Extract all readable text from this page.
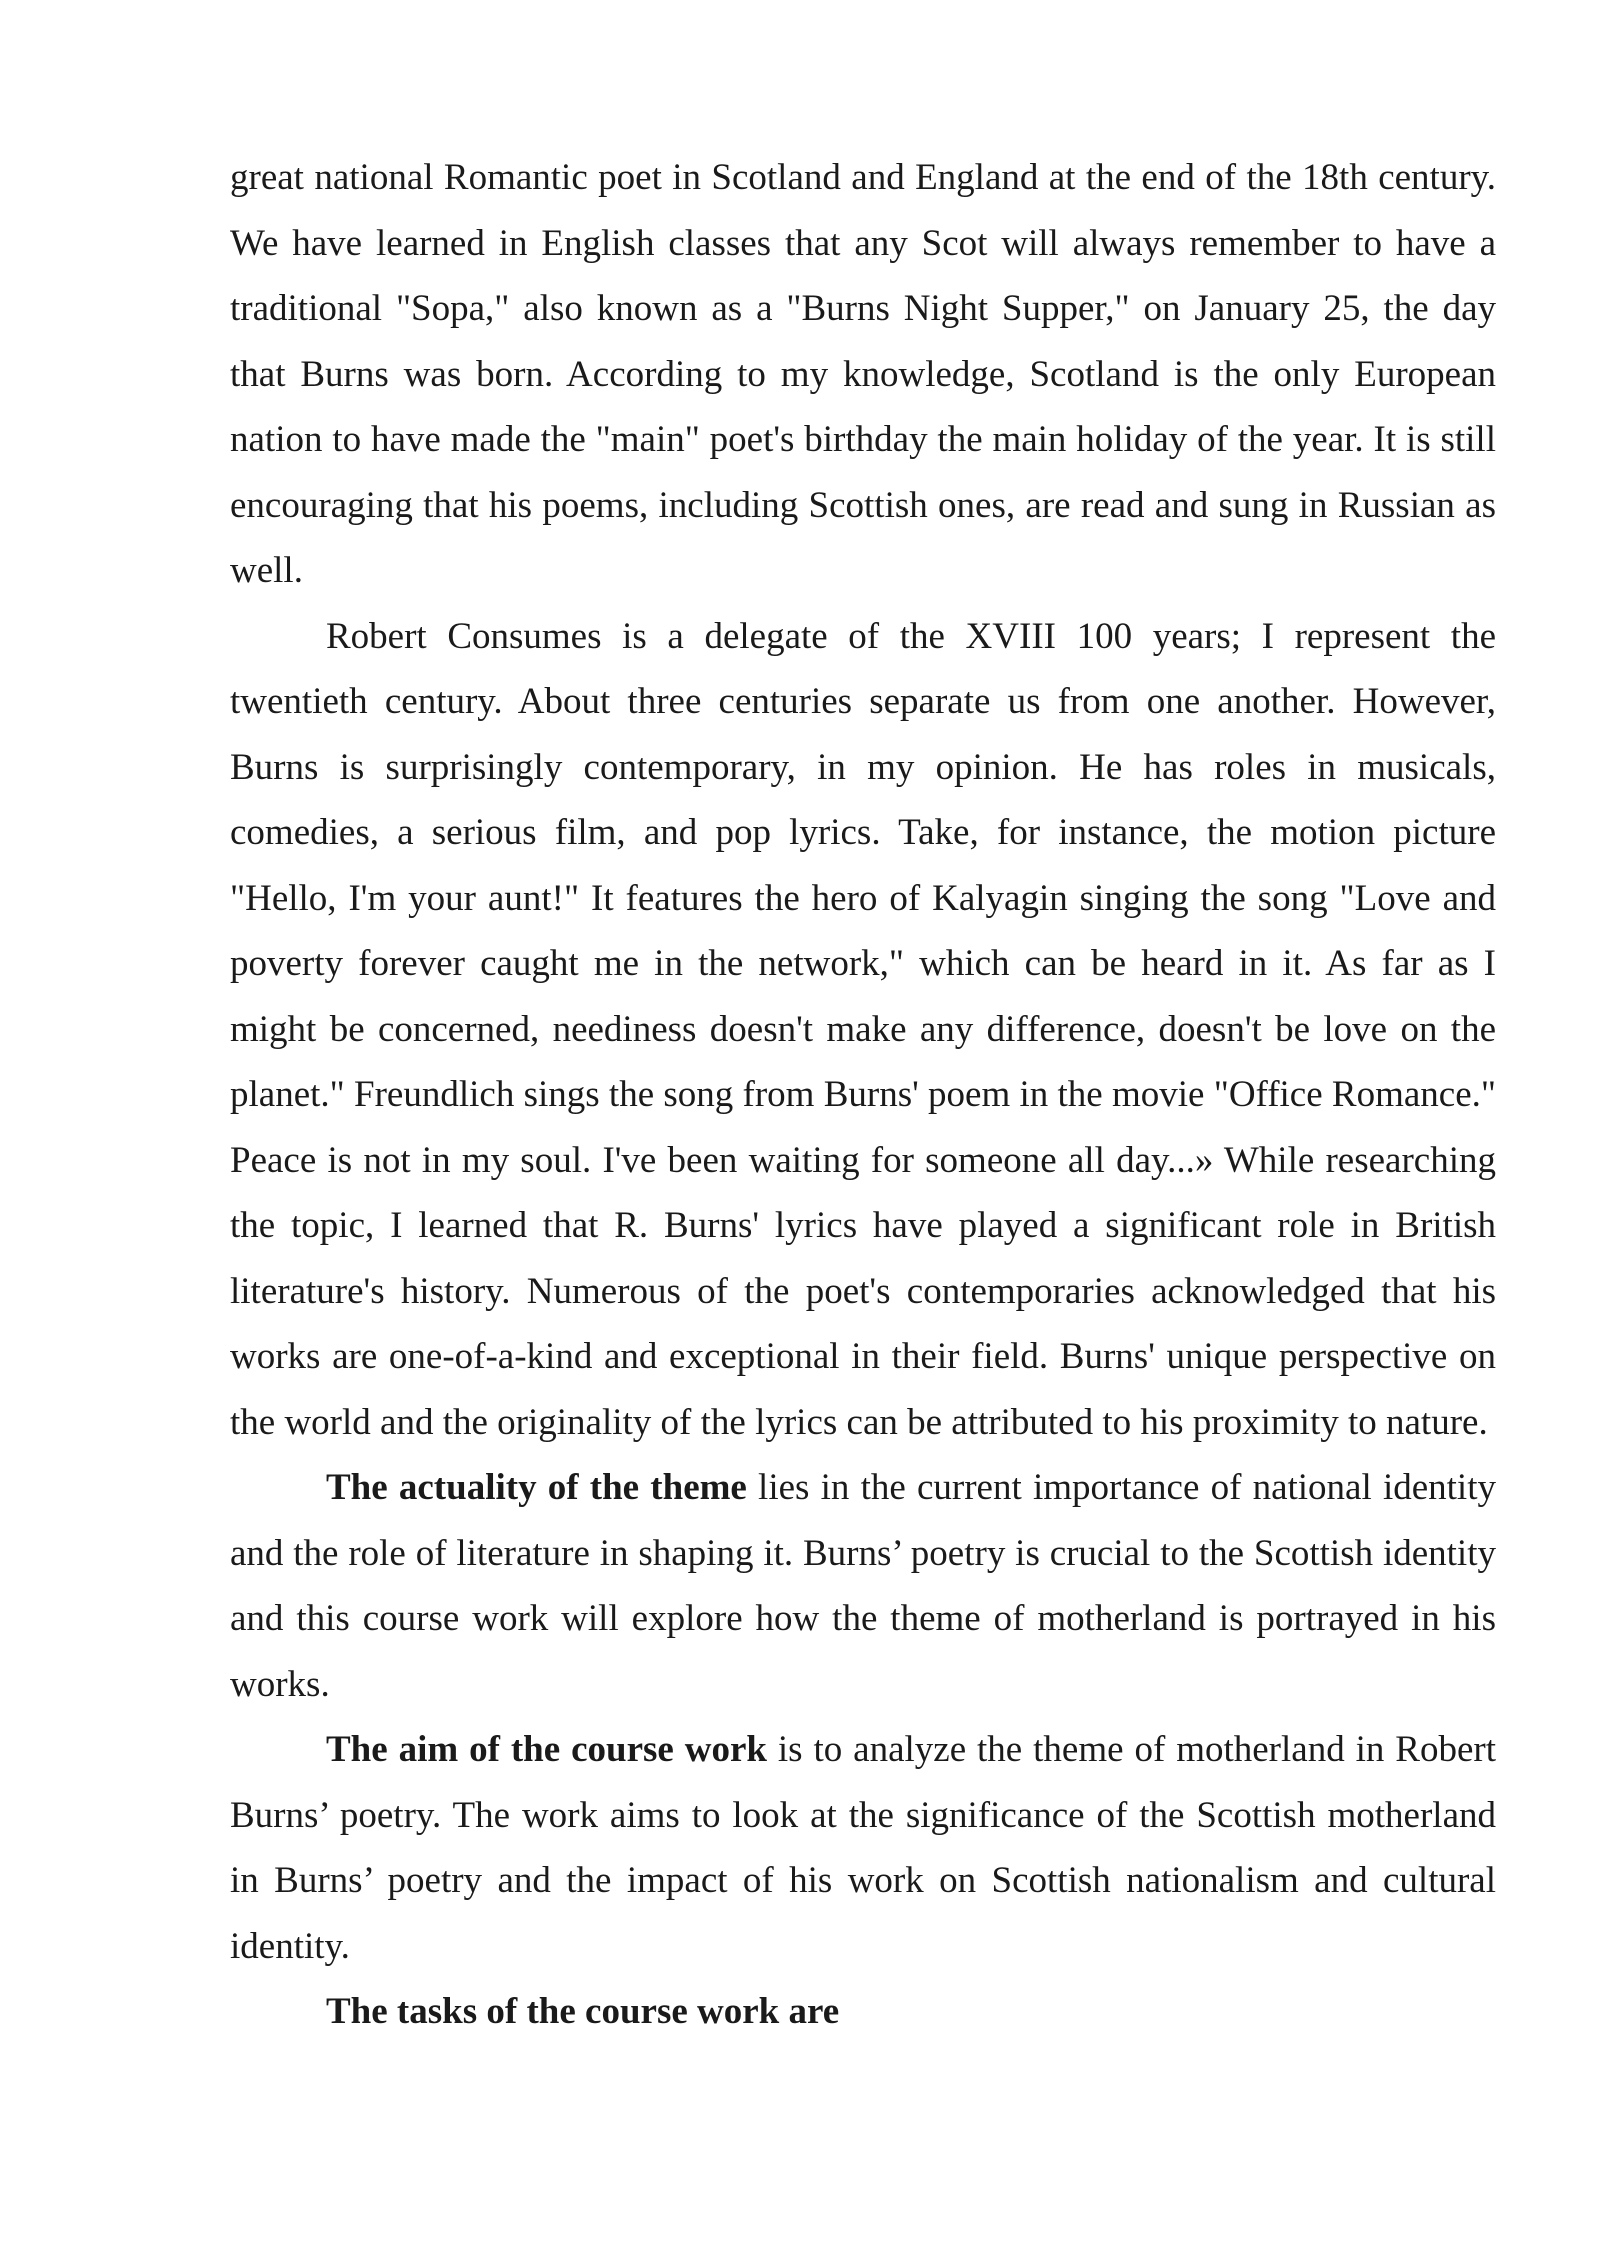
great national Romantic poet in Scotland and England at the end of the 18th century. We have learned in English classes that any Scot will always remember to have a traditional "Sopa," also known as a "Burns Night Supper," on January 25, the day that Burns was born. According to my knowledge, Scotland is the only European nation to have made the "main" poet's birthday the main holiday of the year. It is still encouraging that his poems, including Scottish ones, are read and sung in Russian as well.

Robert Consumes is a delegate of the XVIII 100 years; I represent the twentieth century. About three centuries separate us from one another. However, Burns is surprisingly contemporary, in my opinion. He has roles in musicals, comedies, a serious film, and pop lyrics. Take, for instance, the motion picture "Hello, I'm your aunt!" It features the hero of Kalyagin singing the song "Love and poverty forever caught me in the network," which can be heard in it. As far as I might be concerned, neediness doesn't make any difference, doesn't be love on the planet." Freundlich sings the song from Burns' poem in the movie "Office Romance." Peace is not in my soul. I've been waiting for someone all day...» While researching the topic, I learned that R. Burns' lyrics have played a significant role in British literature's history. Numerous of the poet's contemporaries acknowledged that his works are one-of-a-kind and exceptional in their field. Burns' unique perspective on the world and the originality of the lyrics can be attributed to his proximity to nature.

The actuality of the theme lies in the current importance of national identity and the role of literature in shaping it. Burns’ poetry is crucial to the Scottish identity and this course work will explore how the theme of motherland is portrayed in his works.

The aim of the course work is to analyze the theme of motherland in Robert Burns’ poetry. The work aims to look at the significance of the Scottish motherland in Burns’ poetry and the impact of his work on Scottish nationalism and cultural identity.

The tasks of the course work are
